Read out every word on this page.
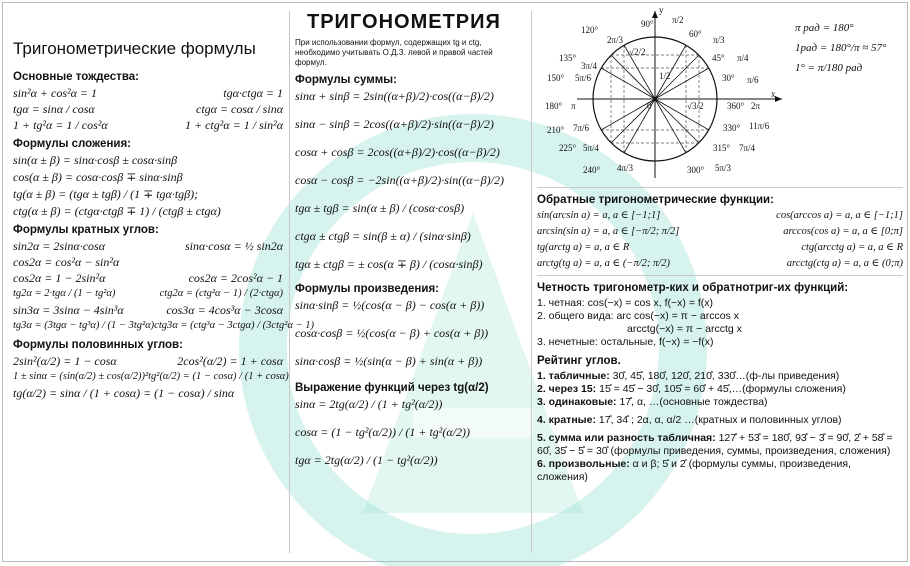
Тригонометрические формулы
Основные тождества:
sin²α + cos²α = 1	tgα·ctgα = 1
tgα = sinα / cosα	ctgα = cosα / sinα
1 + tg²α = 1 / cos²α	1 + ctg²α = 1 / sin²α
Формулы сложения:
sin(α ± β) = sinα·cosβ ± cosα·sinβ
cos(α ± β) = cosα·cosβ ∓ sinα·sinβ
tg(α ± β) = (tgα ± tgβ) / (1 ∓ tgα·tgβ);
ctg(α ± β) = (ctgα·ctgβ ∓ 1) / (ctgβ ± ctgα)
Формулы кратных углов:
sin2α = 2sinα·cosα	sinα·cosα = ½ sin2α
cos2α = cos²α − sin²α
cos2α = 1 − 2sin²α	cos2α = 2cos²α − 1
tg2α = 2·tgα / (1 − tg²α)	ctg2α = (ctg²α − 1) / (2·ctgα)
sin3α = 3sinα − 4sin³α	cos3α = 4cos³α − 3cosα
tg3α = (3tgα − tg³α) / (1 − 3tg²α) ctg3α = (ctg³α − 3ctgα) / (3ctg²α − 1)
Формулы половинных углов:
2sin²(α/2) = 1 − cosα	2cos²(α/2) = 1 + cosα
1 ± sinα = (sin(α/2) ± cos(α/2))² tg²(α/2) = (1 − cosα) / (1 + cosα)
tg(α/2) = sinα / (1 + cosα) = (1 − cosα) / sinα
ТРИГОНОМЕТРИЯ
При использовании формул, содержащих tg и ctg, необходимо учитывать О.Д.З. левой и правой частей формул.
Формулы суммы:
sinα + sinβ = 2sin((α+β)/2)·cos((α−β)/2)
sinα − sinβ = 2cos((α+β)/2)·sin((α−β)/2)
cosα + cosβ = 2cos((α+β)/2)·cos((α−β)/2)
cosα − cosβ = −2sin((α+β)/2)·sin((α−β)/2)
tgα ± tgβ = sin(α ± β) / (cosα·cosβ)
ctgα ± ctgβ = sin(β ± α) / (sinα·sinβ)
tgα ± ctgβ = ± cos(α ∓ β) / (cosα·sinβ)
Формулы произведения:
sinα·sinβ = ½(cos(α − β) − cos(α + β))
cosα·cosβ = ½(cos(α − β) + cos(α + β))
sinα·cosβ = ½(sin(α − β) + sin(α + β))
Выражение функций через tg(α/2)
sinα = 2tg(α/2) / (1 + tg²(α/2))
cosα = (1 − tg²(α/2)) / (1 + tg²(α/2))
tgα = 2tg(α/2) / (1 − tg²(α/2))
x
y
0
90° π/2
120°
2π/3
60°
π/3
135°
3π/4
45° π/4
150° 5π/6	30° π/6
180° π	360° 2π
210° 7π/6	330° 11π/6
225° 5π/4	315° 7π/4
240° 4π/3	300° 5π/3
1/2
√2/2
√3/2
π рад = 180°
1рад = 180°/π ≈ 57°
1° = π/180 рад
Обратные тригонометрические функции:
sin(arcsin a) = a, a ∈ [−1;1]	cos(arccos a) = a, a ∈ [−1;1]
arcsin(sin a) = a, a ∈ [−π/2; π/2]	arccos(cos a) = a, a ∈ [0;π]
tg(arctg a) = a, a ∈ R	ctg(arcctg a) = a, a ∈ R
arctg(tg a) = a, a ∈ (−π/2; π/2)	arcctg(ctg a) = a, a ∈ (0;π)
Четность тригонометр-ких и обратнотриг-их функций:
1. четная: cos(−x) = cos x, f(−x) = f(x)
2. общего вида: arc cos(−x) = π − arccos x
arcctg(−x) = π − arcctg x
3. нечетные: остальные, f(−x) = −f(x)
Рейтинг углов.
1. табличные: 30̊, 45̊, 180̊, 120̊, 210̊, 330̊…(ф-лы приведения)
2. через 15: 15̊ = 45̊ − 30̊, 105̊ = 60̊ + 45̊,…(формулы сложения)
3. одинаковые: 17̊, α, …(основные тождества)
4. кратные: 17̊, 34̊ ; 2α, α, α/2 …(кратных и половинных углов)
5. сумма или разность табличная: 127̊ + 53̊ = 180̊, 93̊ − 3̊ = 90̊, 2̊ + 58̊ = 60̊, 35̊ − 5̊ = 30̊ (формулы приведения, суммы, произведения, сложения)
6. произвольные: α и β; 5̊ и 2̊ (формулы суммы, произведения, сложения)
